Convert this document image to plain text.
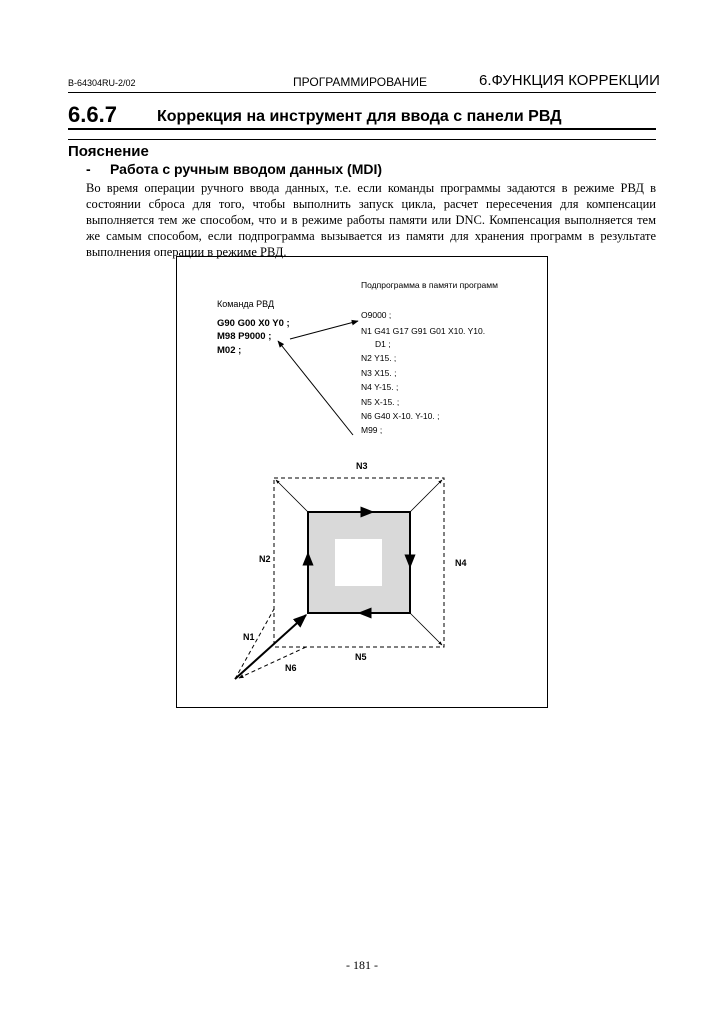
B-64304RU-2/02	ПРОГРАММИРОВАНИЕ	6.ФУНКЦИЯ КОРРЕКЦИИ
6.6.7	Коррекция на инструмент для ввода с панели РВД
Пояснение
- Работа с ручным вводом данных (MDI)

Во время операции ручного ввода данных, т.е. если команды программы задаются в режиме РВД в состоянии сброса для того, чтобы выполнить запуск цикла, расчет пересечения для компенсации выполняется тем же способом, что и в режиме работы памяти или DNC. Компенсация выполняется тем же самым способом, если подпрограмма вызывается из памяти для хранения программ в результате выполнения операции в режиме РВД.

Команда РВД
G90 G00 X0 Y0 ;
M98 P9000 ;
M02 ;
Подпрограмма в памяти программ
O9000 ;
N1 G41 G17 G91 G01 X10. Y10.
D1 ;
N2 Y15. ;
N3 X15. ;
N4 Y-15. ;
N5 X-15. ;
N6 G40 X-10. Y-10. ;
M99 ;
N3
N2	N4
N5
N1
N6
- 181 -
